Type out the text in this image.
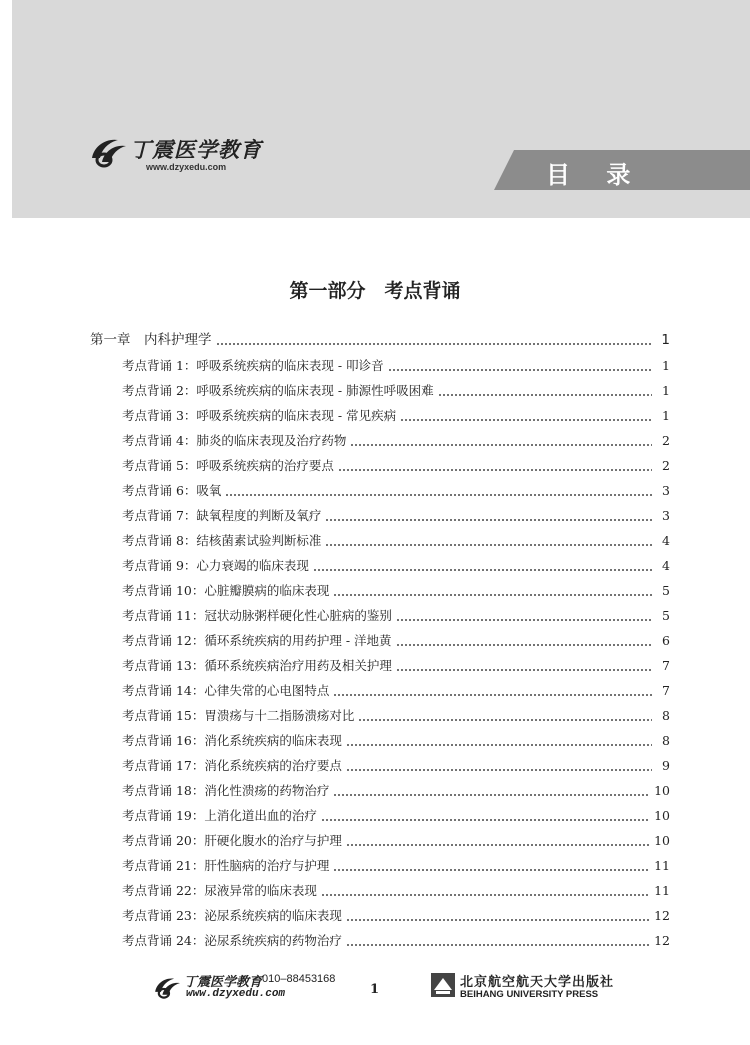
丁震医学教育
www.dzyxedu.com	目 录
第一部分　考点背诵
第一章　内科护理学	1
考点背诵 1：呼吸系统疾病的临床表现 - 叩诊音	1
考点背诵 2：呼吸系统疾病的临床表现 - 肺源性呼吸困难	1
考点背诵 3：呼吸系统疾病的临床表现 - 常见疾病	1
考点背诵 4：肺炎的临床表现及治疗药物	2
考点背诵 5：呼吸系统疾病的治疗要点	2
考点背诵 6：吸氧	3
考点背诵 7：缺氧程度的判断及氧疗	3
考点背诵 8：结核菌素试验判断标准	4
考点背诵 9：心力衰竭的临床表现	4
考点背诵 10：心脏瓣膜病的临床表现	5
考点背诵 11：冠状动脉粥样硬化性心脏病的鉴别	5
考点背诵 12：循环系统疾病的用药护理 - 洋地黄	6
考点背诵 13：循环系统疾病治疗用药及相关护理	7
考点背诵 14：心律失常的心电图特点	7
考点背诵 15：胃溃疡与十二指肠溃疡对比	8
考点背诵 16：消化系统疾病的临床表现	8
考点背诵 17：消化系统疾病的治疗要点	9
考点背诵 18：消化性溃疡的药物治疗	10
考点背诵 19：上消化道出血的治疗	10
考点背诵 20：肝硬化腹水的治疗与护理	10
考点背诵 21：肝性脑病的治疗与护理	11
考点背诵 22：尿液异常的临床表现	11
考点背诵 23：泌尿系统疾病的临床表现	12
考点背诵 24：泌尿系统疾病的药物治疗	12
丁震医学教育 010–88453168
www.dzyxedu.com	1	北京航空航天大学出版社
BEIHANG UNIVERSITY PRESS
